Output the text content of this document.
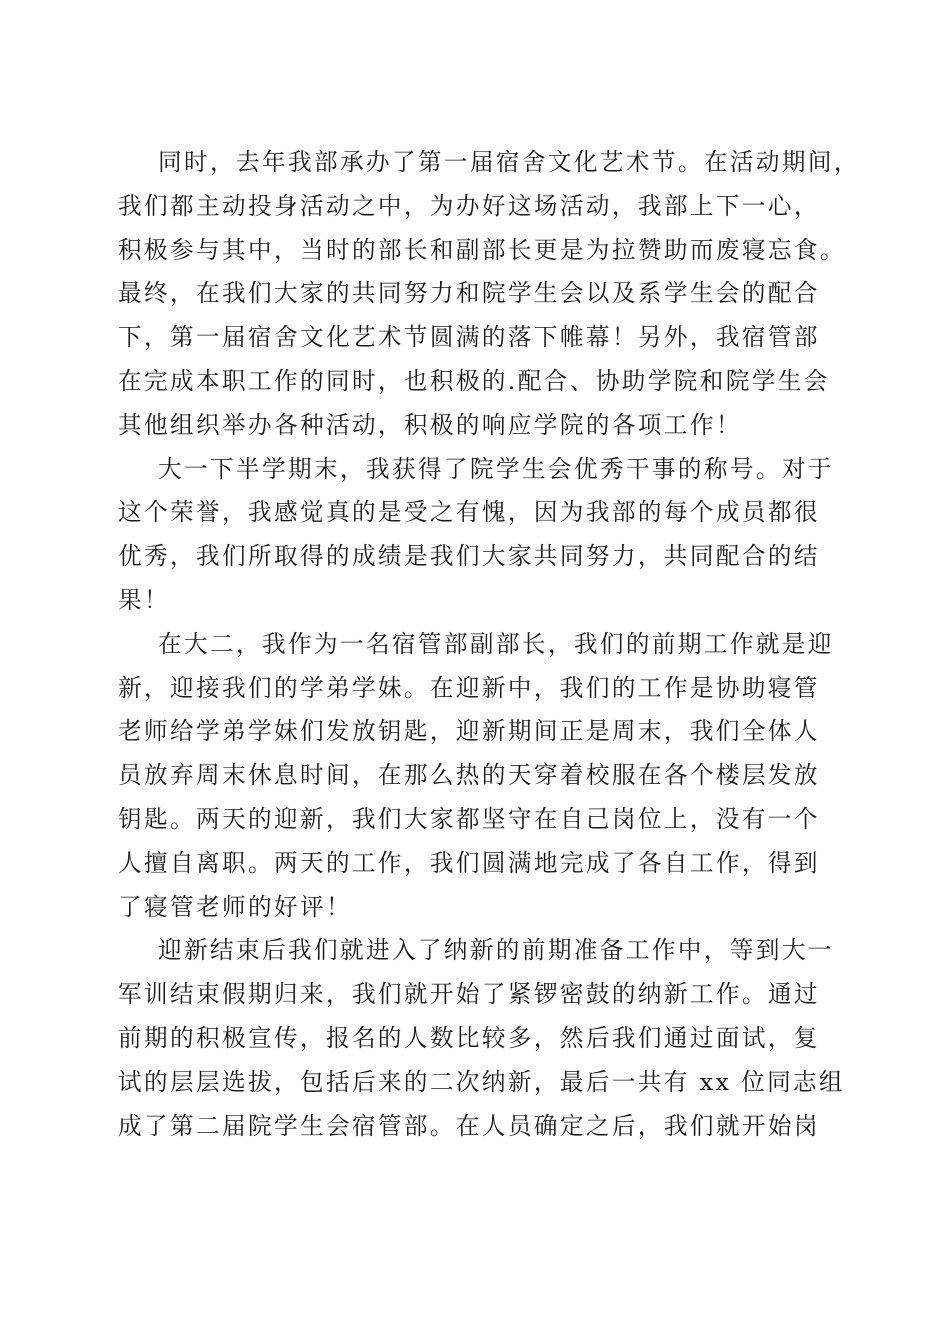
同时，去年我部承办了第一届宿舍文化艺术节。在活动期间，
我们都主动投身活动之中，为办好这场活动，我部上下一心，
积极参与其中，当时的部长和副部长更是为拉赞助而废寝忘食。
最终，在我们大家的共同努力和院学生会以及系学生会的配合
下，第一届宿舍文化艺术节圆满的落下帷幕！另外，我宿管部
在完成本职工作的同时，也积极的.配合、协助学院和院学生会
其他组织举办各种活动，积极的响应学院的各项工作！
大一下半学期末，我获得了院学生会优秀干事的称号。对于
这个荣誉，我感觉真的是受之有愧，因为我部的每个成员都很
优秀，我们所取得的成绩是我们大家共同努力，共同配合的结
果！
在大二，我作为一名宿管部副部长，我们的前期工作就是迎
新，迎接我们的学弟学妹。在迎新中，我们的工作是协助寝管
老师给学弟学妹们发放钥匙，迎新期间正是周末，我们全体人
员放弃周末休息时间，在那么热的天穿着校服在各个楼层发放
钥匙。两天的迎新，我们大家都坚守在自己岗位上，没有一个
人擅自离职。两天的工作，我们圆满地完成了各自工作，得到
了寝管老师的好评！
迎新结束后我们就进入了纳新的前期准备工作中，等到大一
军训结束假期归来，我们就开始了紧锣密鼓的纳新工作。通过
前期的积极宣传，报名的人数比较多，然后我们通过面试，复
试的层层选拔，包括后来的二次纳新，最后一共有 xx 位同志组
成了第二届院学生会宿管部。在人员确定之后，我们就开始岗
